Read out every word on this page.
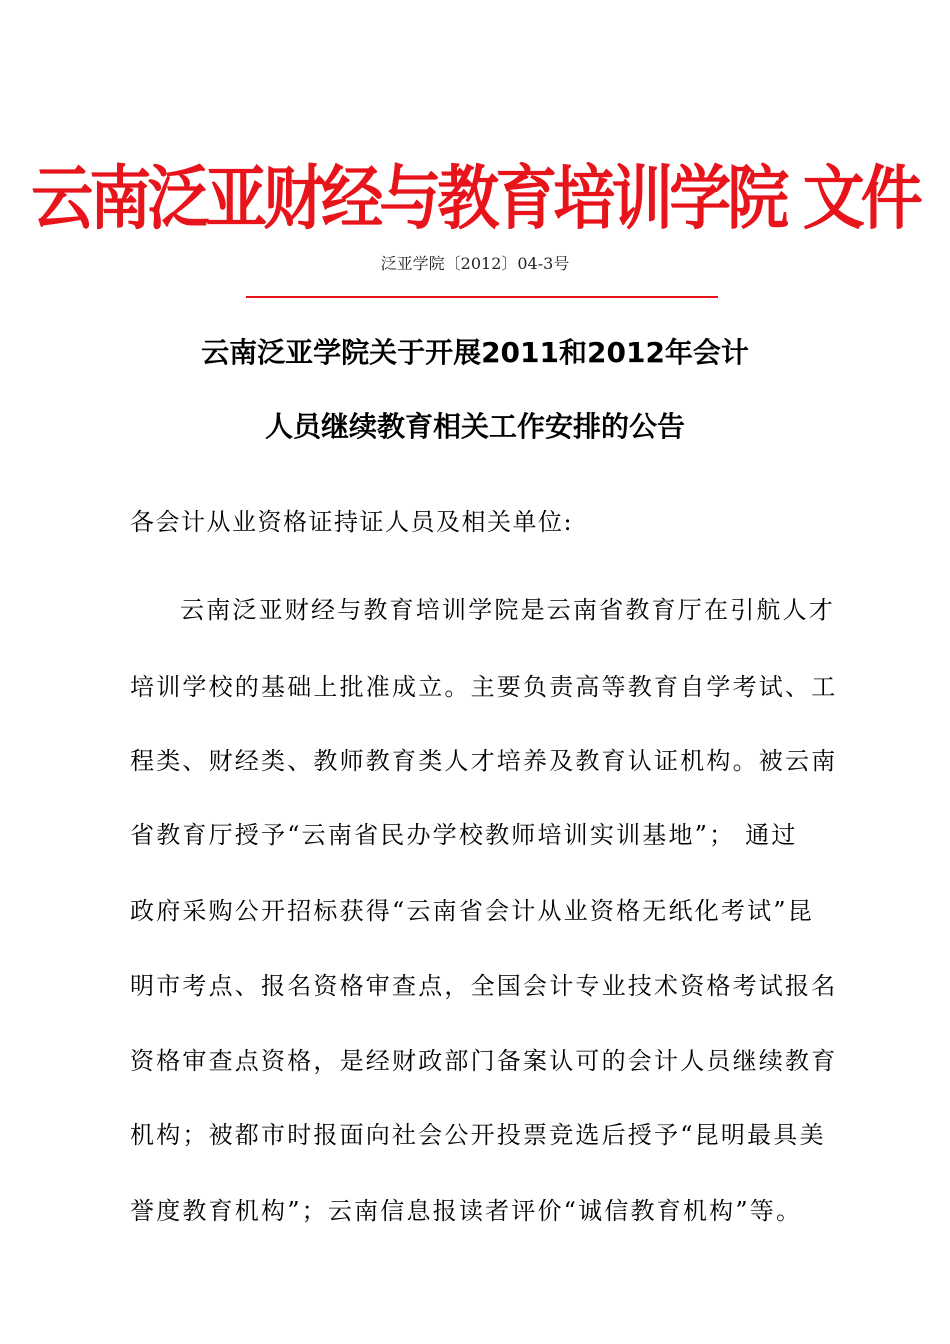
云南泛亚财经与教育培训学院 文件
泛亚学院〔2012〕04-3号
云南泛亚学院关于开展2011和2012年会计
人员继续教育相关工作安排的公告
各会计从业资格证持证人员及相关单位:
云南泛亚财经与教育培训学院是云南省教育厅在引航人才
培训学校的基础上批准成立。主要负责高等教育自学考试、工
程类、财经类、教师教育类人才培养及教育认证机构。被云南
省教育厅授予“云南省民办学校教师培训实训基地”； 通过
政府采购公开招标获得“云南省会计从业资格无纸化考试”昆
明市考点、报名资格审查点，全国会计专业技术资格考试报名
资格审查点资格，是经财政部门备案认可的会计人员继续教育
机构；被都市时报面向社会公开投票竞选后授予“昆明最具美
誉度教育机构”；云南信息报读者评价“诚信教育机构”等。
